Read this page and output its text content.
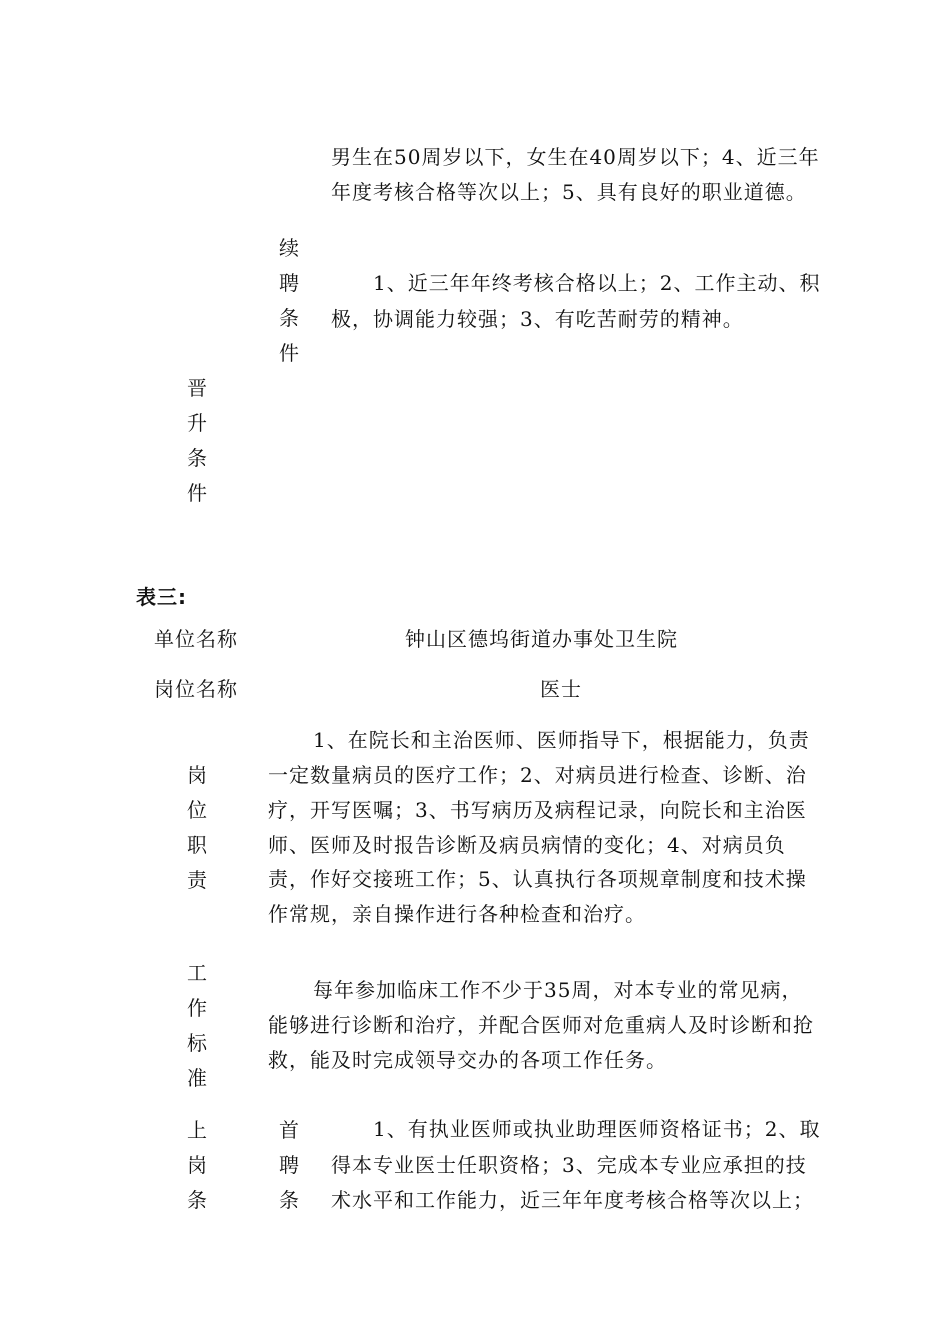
男生在50周岁以下，女生在40周岁以下；4、近三年
年度考核合格等次以上；5、具有良好的职业道德。
续
聘
条
件
1、近三年年终考核合格以上；2、工作主动、积
极，协调能力较强；3、有吃苦耐劳的精神。
晋
升
条
件
表三:
单位名称	钟山区德坞街道办事处卫生院
岗位名称	医士
岗
位
职
责
1、在院长和主治医师、医师指导下，根据能力，负责
一定数量病员的医疗工作；2、对病员进行检查、诊断、治
疗，开写医嘱；3、书写病历及病程记录，向院长和主治医
师、医师及时报告诊断及病员病情的变化；4、对病员负
责，作好交接班工作；5、认真执行各项规章制度和技术操
作常规，亲自操作进行各种检查和治疗。
工
作
标
准
每年参加临床工作不少于35周，对本专业的常见病，
能够进行诊断和治疗，并配合医师对危重病人及时诊断和抢
救，能及时完成领导交办的各项工作任务。
上
岗
条
首
聘
条
1、有执业医师或执业助理医师资格证书；2、取
得本专业医士任职资格；3、完成本专业应承担的技
术水平和工作能力，近三年年度考核合格等次以上；
